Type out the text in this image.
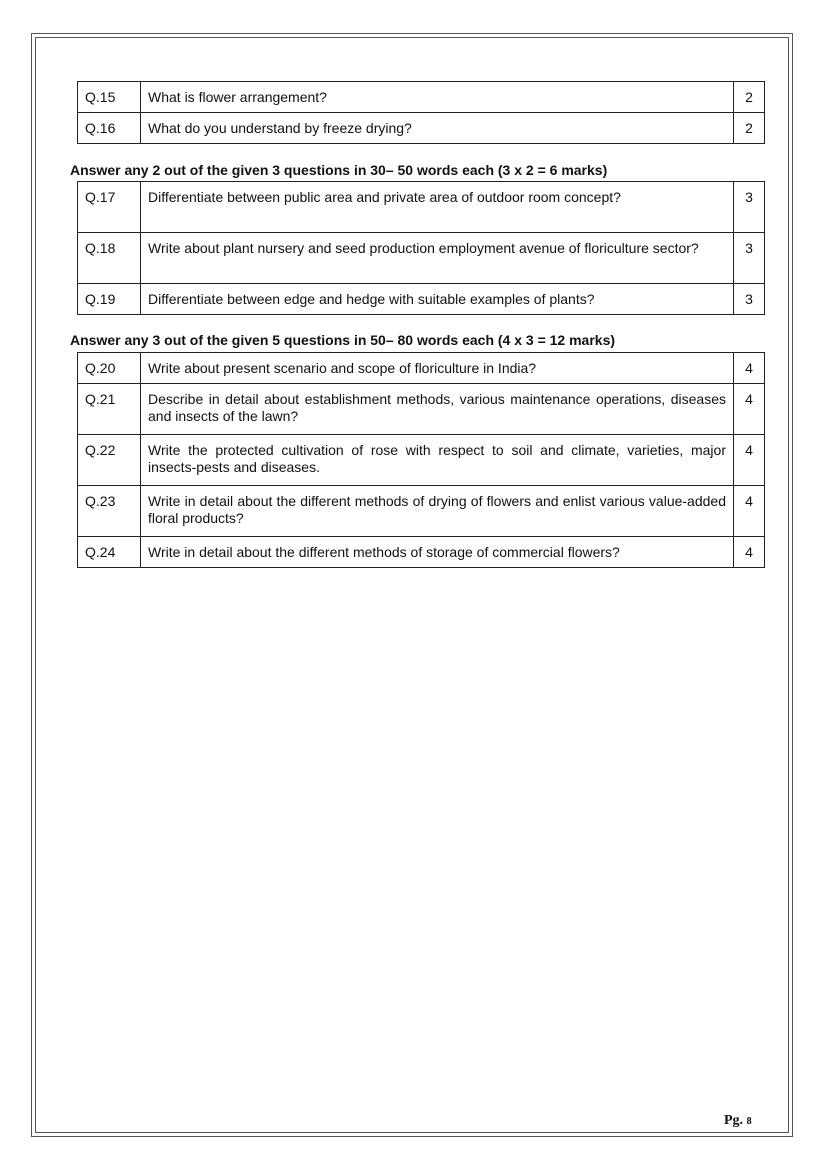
Q.15	What is flower arrangement?	2
Q.16	What do you understand by freeze drying?	2
Answer any 2 out of the given 3 questions in 30– 50 words each (3 x 2 = 6 marks)
Q.17	Differentiate between public area and private area of outdoor room concept?	3
Q.18	Write about plant nursery and seed production employment avenue of floriculture sector?	3
Q.19	Differentiate between edge and hedge with suitable examples of plants?	3
Answer any 3 out of the given 5 questions in 50– 80 words each (4 x 3 = 12 marks)
Q.20	Write about present scenario and scope of floriculture in India?	4
Q.21	Describe in detail about establishment methods, various maintenance operations, diseases and insects of the lawn?	4
Q.22	Write the protected cultivation of rose with respect to soil and climate, varieties, major insects-pests and diseases.	4
Q.23	Write in detail about the different methods of drying of flowers and enlist various value-added floral products?	4
Q.24	Write in detail about the different methods of storage of commercial flowers?	4
Pg. 8
